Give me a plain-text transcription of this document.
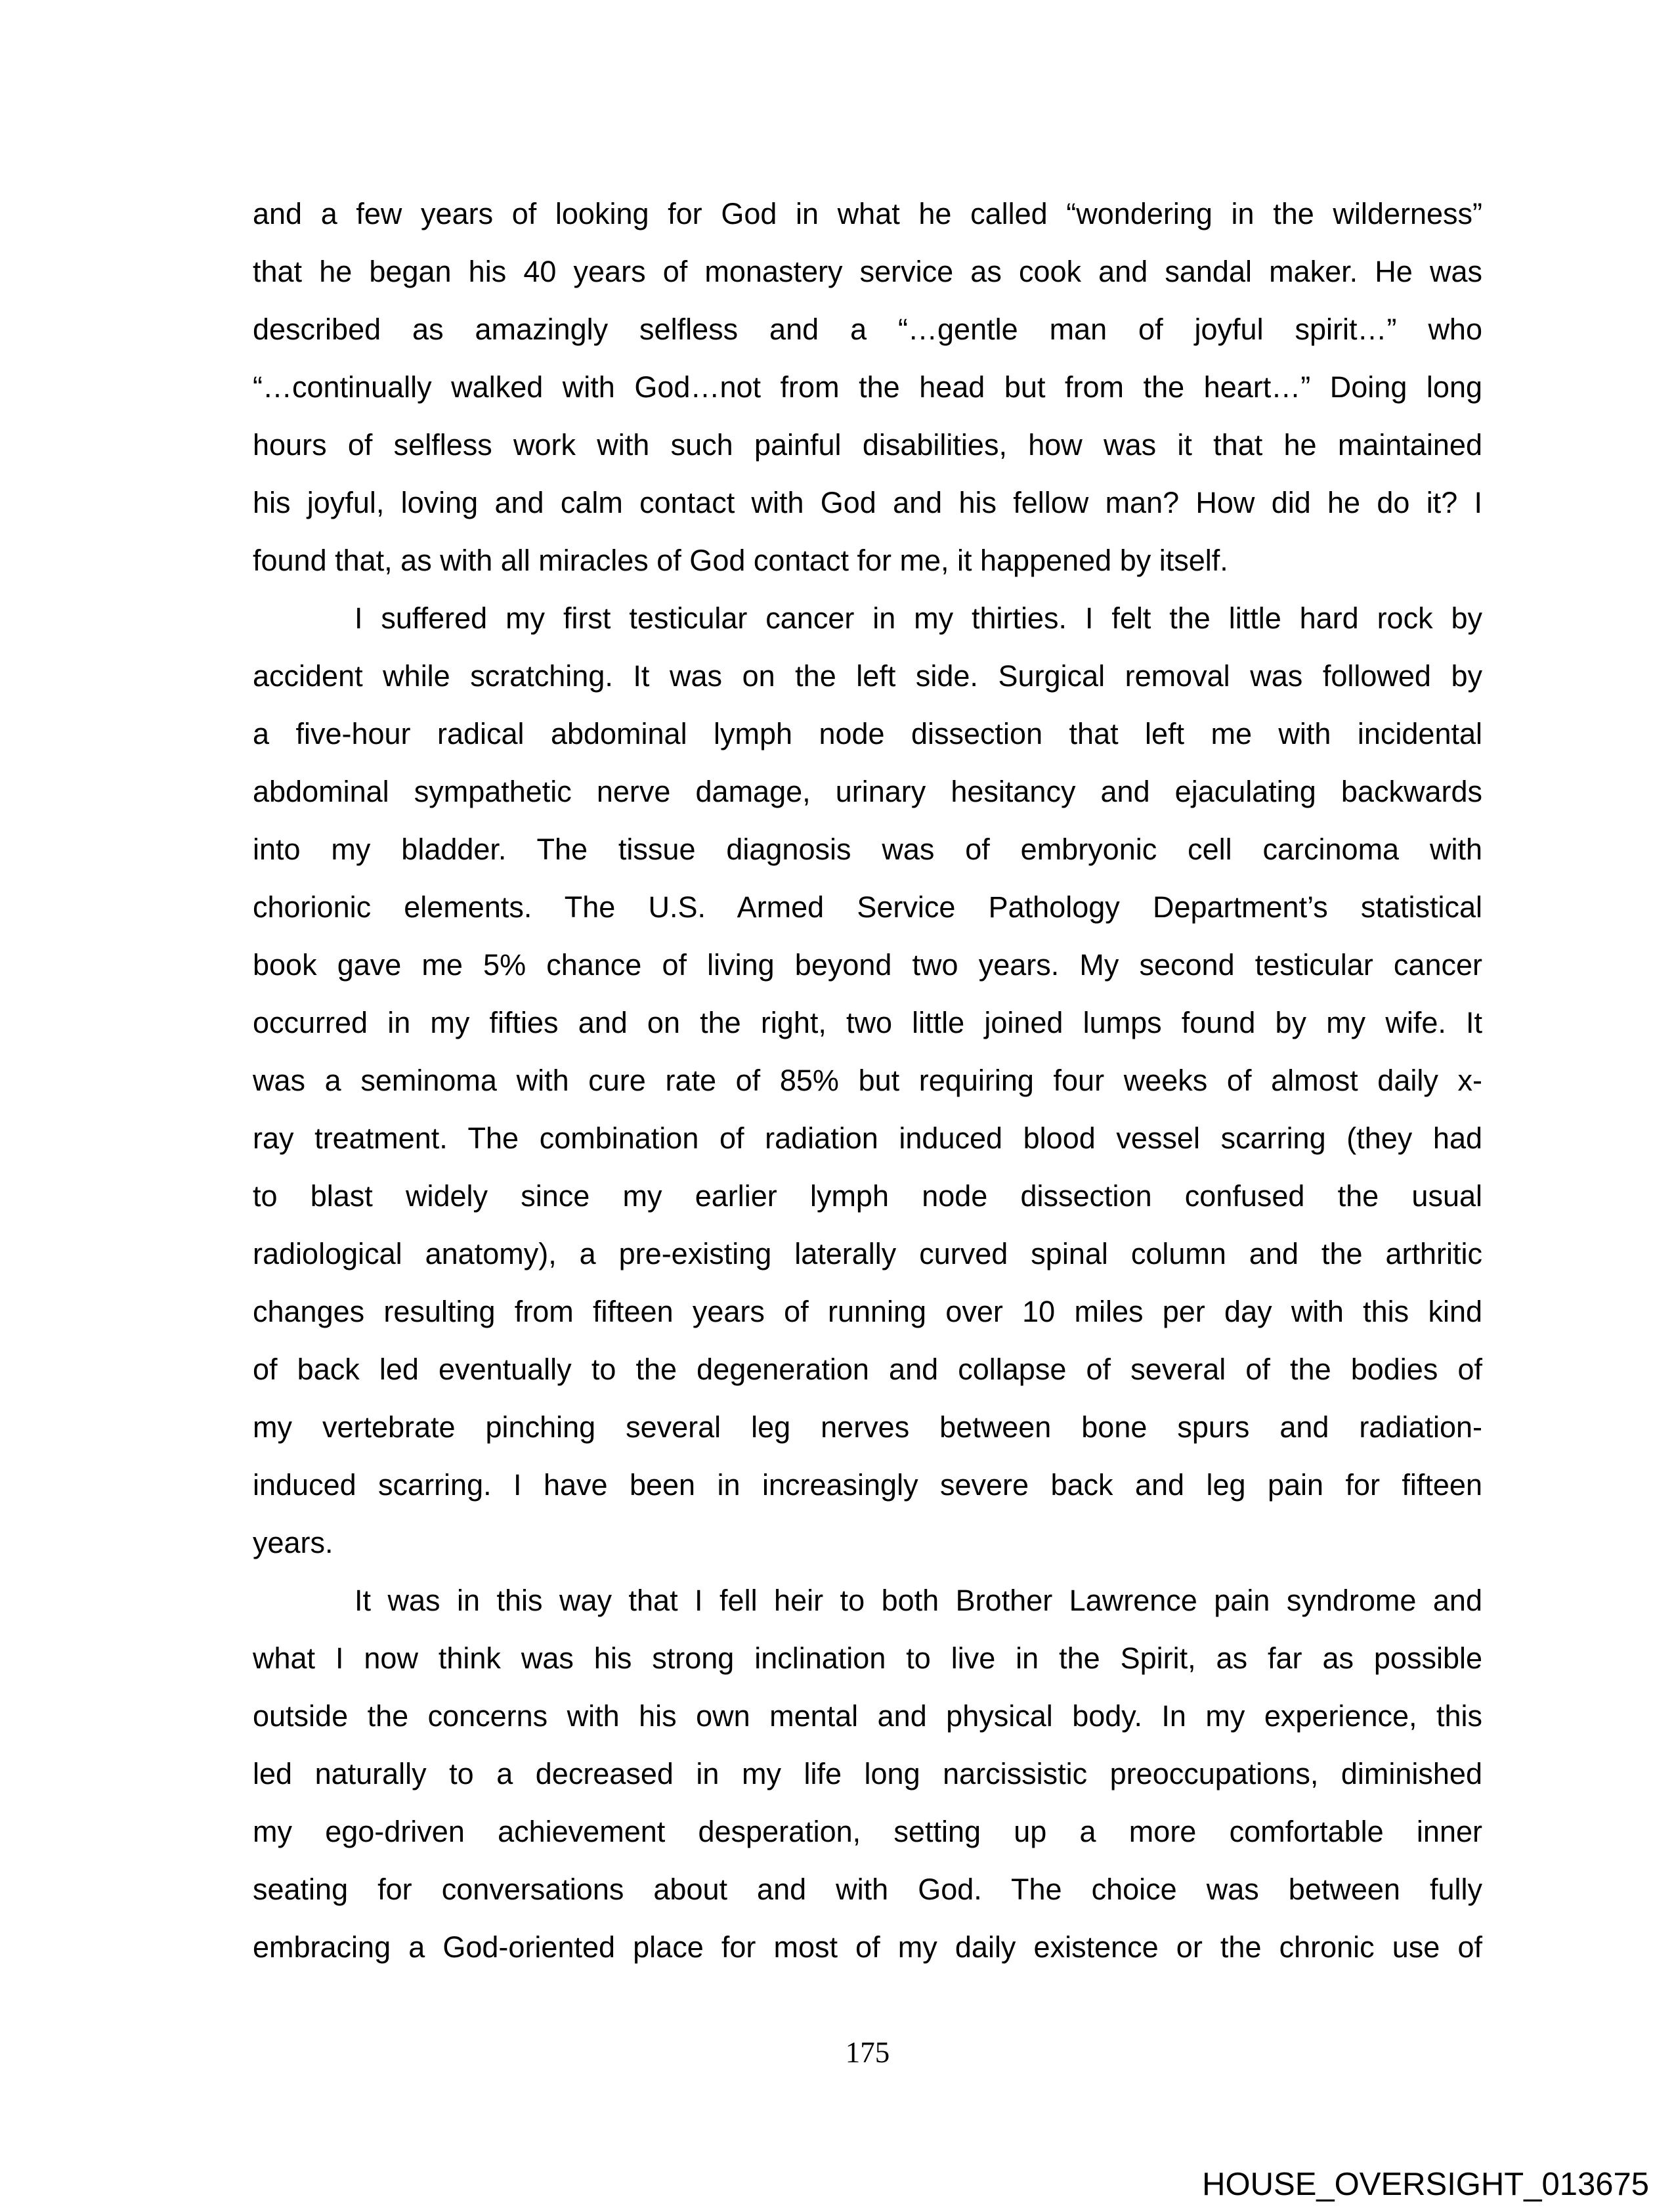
and a few years of looking for God in what he called “wondering in the wilderness”
that he began his 40 years of monastery service as cook and sandal maker. He was
described as amazingly selfless and a “…gentle man of joyful spirit…” who
“…continually walked with God…not from the head but from the heart…” Doing long
hours of selfless work with such painful disabilities, how was it that he maintained
his joyful, loving and calm contact with God and his fellow man? How did he do it? I
found that, as with all miracles of God contact for me, it happened by itself.
I suffered my first testicular cancer in my thirties. I felt the little hard rock by
accident while scratching. It was on the left side. Surgical removal was followed by
a five-hour radical abdominal lymph node dissection that left me with incidental
abdominal sympathetic nerve damage, urinary hesitancy and ejaculating backwards
into my bladder. The tissue diagnosis was of embryonic cell carcinoma with
chorionic elements. The U.S. Armed Service Pathology Department’s statistical
book gave me 5% chance of living beyond two years. My second testicular cancer
occurred in my fifties and on the right, two little joined lumps found by my wife. It
was a seminoma with cure rate of 85% but requiring four weeks of almost daily x-
ray treatment. The combination of radiation induced blood vessel scarring (they had
to blast widely since my earlier lymph node dissection confused the usual
radiological anatomy), a pre-existing laterally curved spinal column and the arthritic
changes resulting from fifteen years of running over 10 miles per day with this kind
of back led eventually to the degeneration and collapse of several of the bodies of
my vertebrate pinching several leg nerves between bone spurs and radiation-
induced scarring. I have been in increasingly severe back and leg pain for fifteen
years.
It was in this way that I fell heir to both Brother Lawrence pain syndrome and
what I now think was his strong inclination to live in the Spirit, as far as possible
outside the concerns with his own mental and physical body. In my experience, this
led naturally to a decreased in my life long narcissistic preoccupations, diminished
my ego-driven achievement desperation, setting up a more comfortable inner
seating for conversations about and with God. The choice was between fully
embracing a God-oriented place for most of my daily existence or the chronic use of
175
HOUSE_OVERSIGHT_013675
